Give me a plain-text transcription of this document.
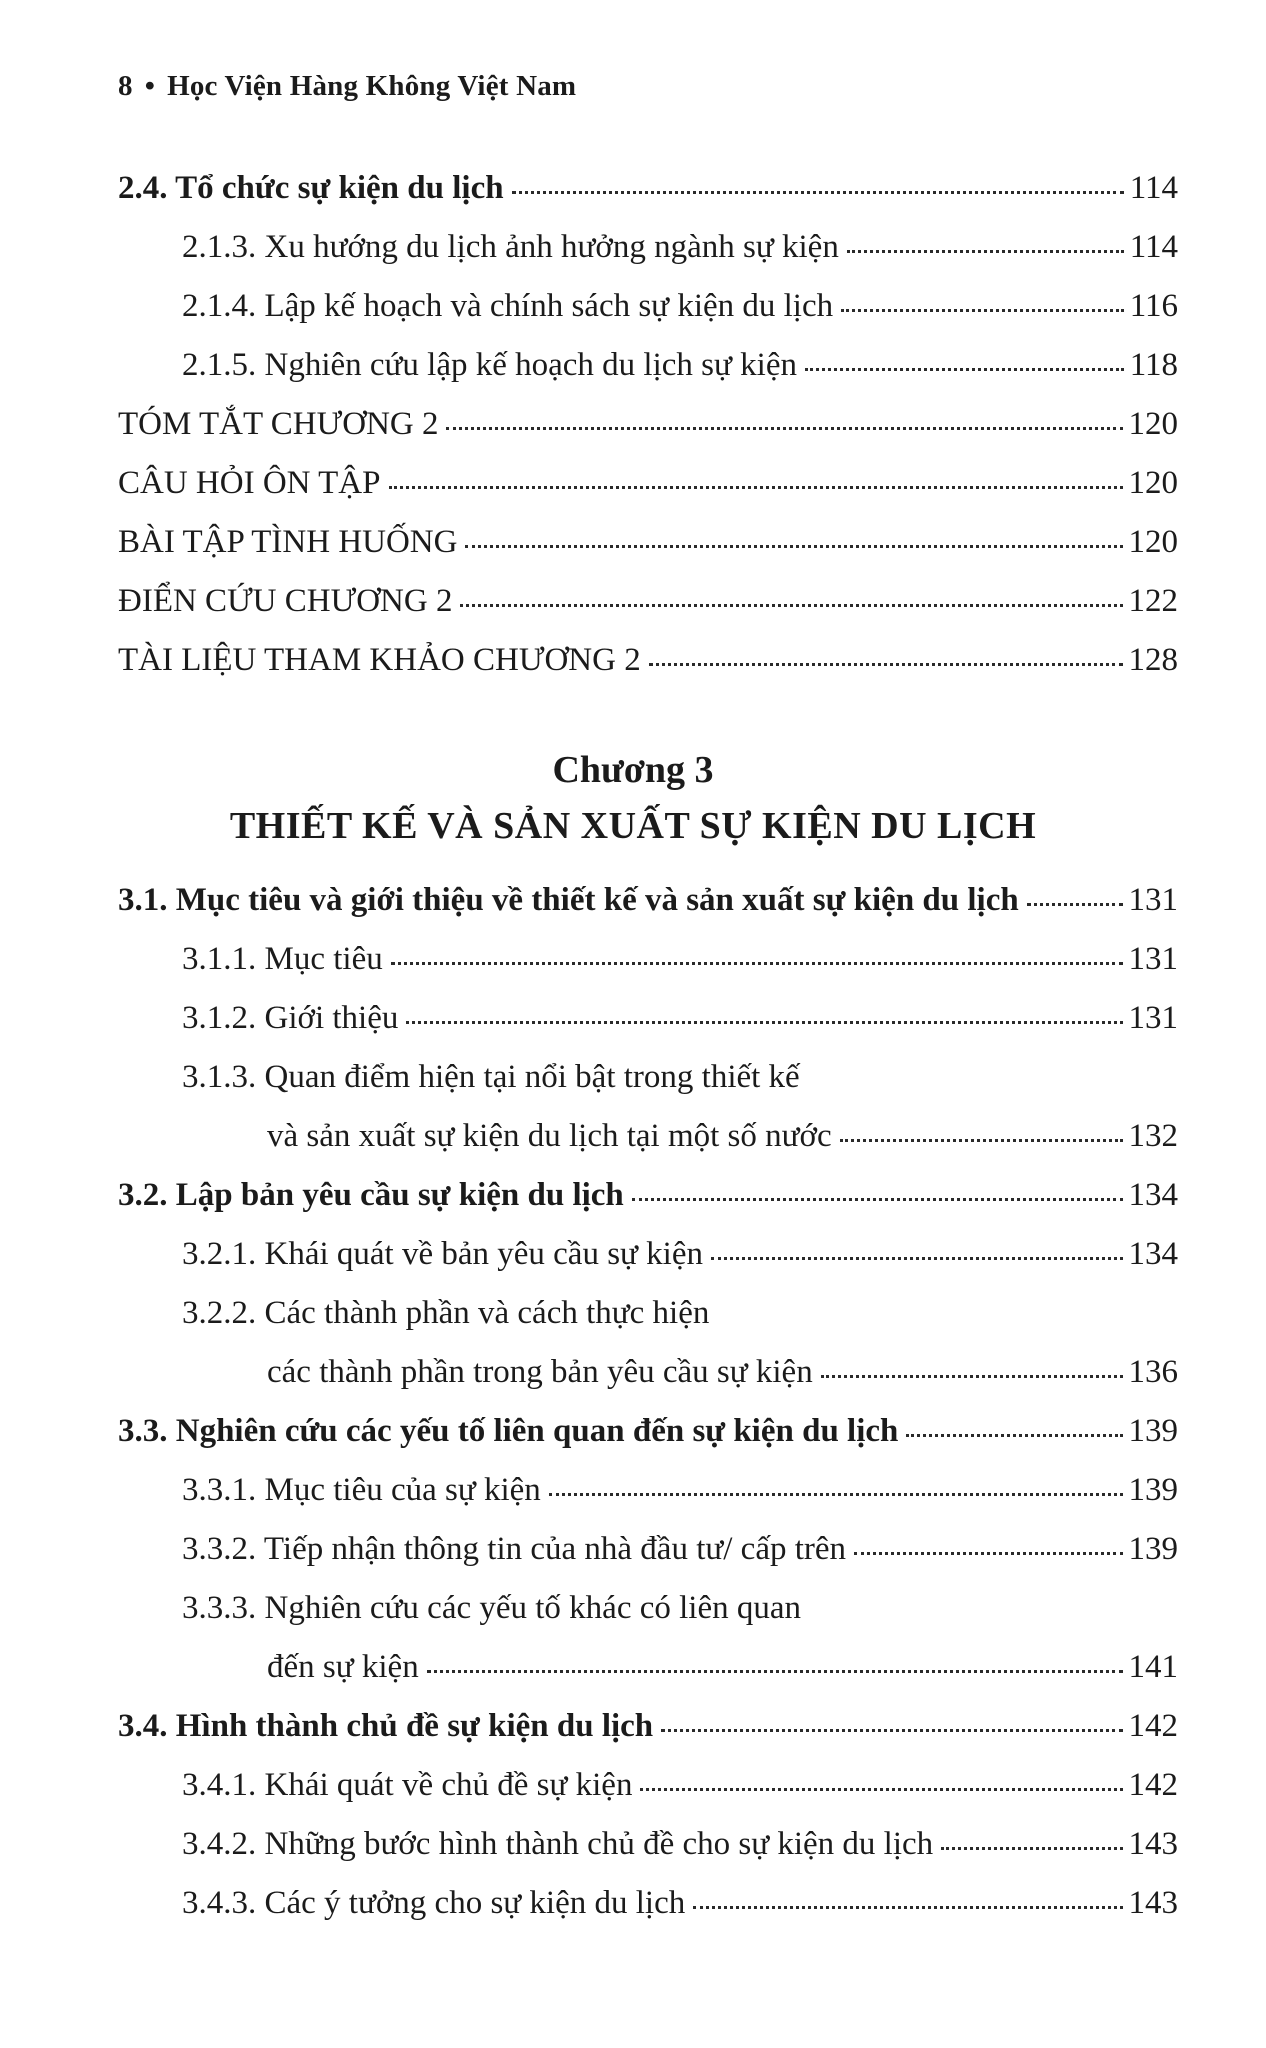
8 • Học Viện Hàng Không Việt Nam
2.4. Tổ chức sự kiện du lịch	114
2.1.3. Xu hướng du lịch ảnh hưởng ngành sự kiện	114
2.1.4. Lập kế hoạch và chính sách sự kiện du lịch	116
2.1.5. Nghiên cứu lập kế hoạch du lịch sự kiện	118
TÓM TẮT CHƯƠNG 2	120
CÂU HỎI ÔN TẬP	120
BÀI TẬP TÌNH HUỐNG	120
ĐIỂN CỨU CHƯƠNG 2	122
TÀI LIỆU THAM KHẢO CHƯƠNG 2	128
Chương 3
THIẾT KẾ VÀ SẢN XUẤT SỰ KIỆN DU LỊCH
3.1. Mục tiêu và giới thiệu về thiết kế và sản xuất sự kiện du lịch	131
3.1.1. Mục tiêu	131
3.1.2. Giới thiệu	131
3.1.3. Quan điểm hiện tại nổi bật trong thiết kế
và sản xuất sự kiện du lịch tại một số nước	132
3.2. Lập bản yêu cầu sự kiện du lịch	134
3.2.1. Khái quát về bản yêu cầu sự kiện	134
3.2.2. Các thành phần và cách thực hiện
các thành phần trong bản yêu cầu sự kiện	136
3.3. Nghiên cứu các yếu tố liên quan đến sự kiện du lịch	139
3.3.1. Mục tiêu của sự kiện	139
3.3.2. Tiếp nhận thông tin của nhà đầu tư/ cấp trên	139
3.3.3. Nghiên cứu các yếu tố khác có liên quan
đến sự kiện	141
3.4. Hình thành chủ đề sự kiện du lịch	142
3.4.1. Khái quát về chủ đề sự kiện	142
3.4.2. Những bước hình thành chủ đề cho sự kiện du lịch	143
3.4.3. Các ý tưởng cho sự kiện du lịch	143
